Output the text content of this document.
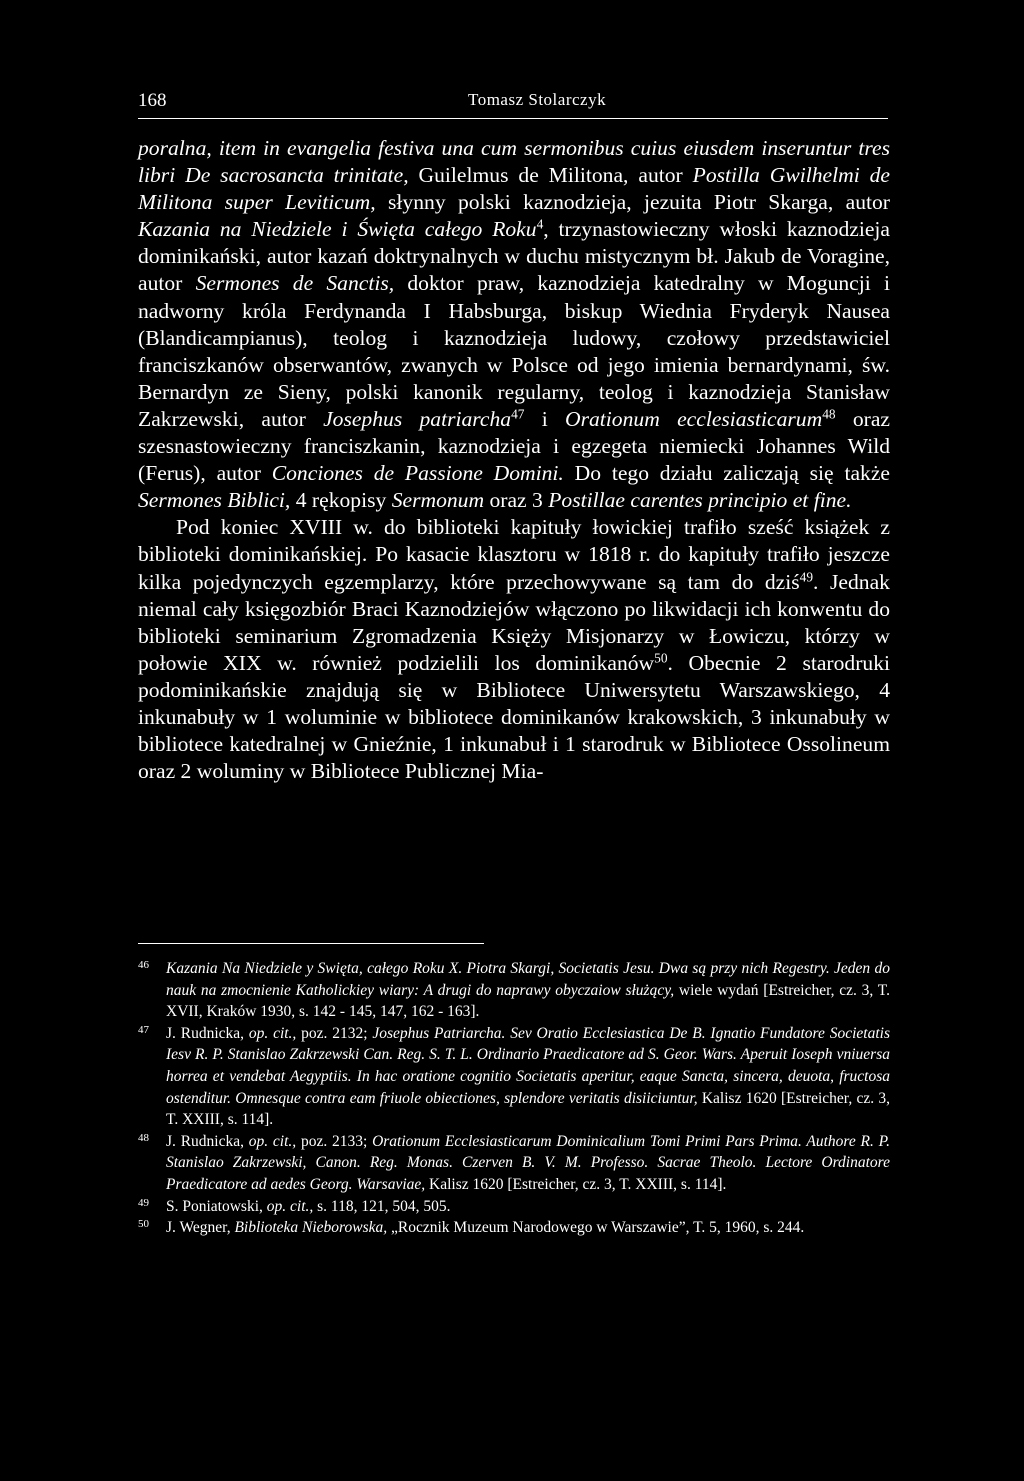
168	Tomasz Stolarczyk

poralna, item in evangelia festiva una cum sermonibus cuius eiusdem inseruntur tres libri De sacrosancta trinitate, Guilelmus de Militona, autor Postilla Gwilhelmi de Militona super Leviticum, słynny polski kaznodzieja, jezuita Piotr Skarga, autor Kazania na Niedziele i Święta całego Roku$^4$, trzynastowieczny włoski kaznodzieja dominikański, autor kazań doktrynalnych w duchu mistycznym bł. Jakub de Voragine, autor Sermones de Sanctis, doktor praw, kaznodzieja katedralny w Moguncji i nadworny króla Ferdynanda I Habsburga, biskup Wiednia Fryderyk Nausea (Blandicampianus), teolog i kaznodzieja ludowy, czołowy przedstawiciel franciszkanów obserwantów, zwanych w Polsce od jego imienia bernardynami, św. Bernardyn ze Sieny, polski kanonik regularny, teolog i kaznodzieja Stanisław Zakrzewski, autor Josephus patriarcha$^{47}$ i Orationum ecclesiasticarum$^{48}$ oraz szesnastowieczny franciszkanin, kaznodzieja i egzegeta niemiecki Johannes Wild (Ferus), autor Conciones de Passione Domini. Do tego działu zaliczają się także Sermones Biblici, 4 rękopisy Sermonum oraz 3 Postillae carentes principio et fine.

Pod koniec XVIII w. do biblioteki kapituły łowickiej trafiło sześć książek z biblioteki dominikańskiej. Po kasacie klasztoru w 1818 r. do kapituły trafiło jeszcze kilka pojedynczych egzemplarzy, które przechowywane są tam do dziś$^{49}$. Jednak niemal cały księgozbiór Braci Kaznodziejów włączono po likwidacji ich konwentu do biblioteki seminarium Zgromadzenia Księży Misjonarzy w Łowiczu, którzy w połowie XIX w. również podzielili los dominikanów$^{50}$. Obecnie 2 starodruki podominikańskie znajdują się w Bibliotece Uniwersytetu Warszawskiego, 4 inkunabuły w 1 woluminie w bibliotece dominikanów krakowskich, 3 inkunabuły w bibliotece katedralnej w Gnieźnie, 1 inkunabuł i 1 starodruk w Bibliotece Ossolineum oraz 2 woluminy w Bibliotece Publicznej Mia-

46 Kazania Na Niedziele y Swięta, całego Roku X. Piotra Skargi, Societatis Jesu. Dwa są przy nich Regestry. Jeden do nauk na zmocnienie Katholickiey wiary: A drugi do naprawy obyczaiow służący, wiele wydań [Estreicher, cz. 3, T. XVII, Kraków 1930, s. 142 - 145, 147, 162 - 163].

47 J. Rudnicka, op. cit., poz. 2132; Josephus Patriarcha. Sev Oratio Ecclesiastica De B. Ignatio Fundatore Societatis Iesv R. P. Stanislao Zakrzewski Can. Reg. S. T. L. Ordinario Praedicatore ad S. Geor. Wars. Aperuit Ioseph vniuersa horrea et vendebat Aegyptiis. In hac oratione cognitio Societatis aperitur, eaque Sancta, sincera, deuota, fructosa ostenditur. Omnesque contra eam friuole obiectiones, splendore veritatis disiiciuntur, Kalisz 1620 [Estreicher, cz. 3, T. XXIII, s. 114].

48 J. Rudnicka, op. cit., poz. 2133; Orationum Ecclesiasticarum Dominicalium Tomi Primi Pars Prima. Authore R. P. Stanislao Zakrzewski, Canon. Reg. Monas. Czerven B. V. M. Professo. Sacrae Theolo. Lectore Ordinatore Praedicatore ad aedes Georg. Warsaviae, Kalisz 1620 [Estreicher, cz. 3, T. XXIII, s. 114].

49 S. Poniatowski, op. cit., s. 118, 121, 504, 505.

50 J. Wegner, Biblioteka Nieborowska, „Rocznik Muzeum Narodowego w Warszawie”, T. 5, 1960, s. 244.
